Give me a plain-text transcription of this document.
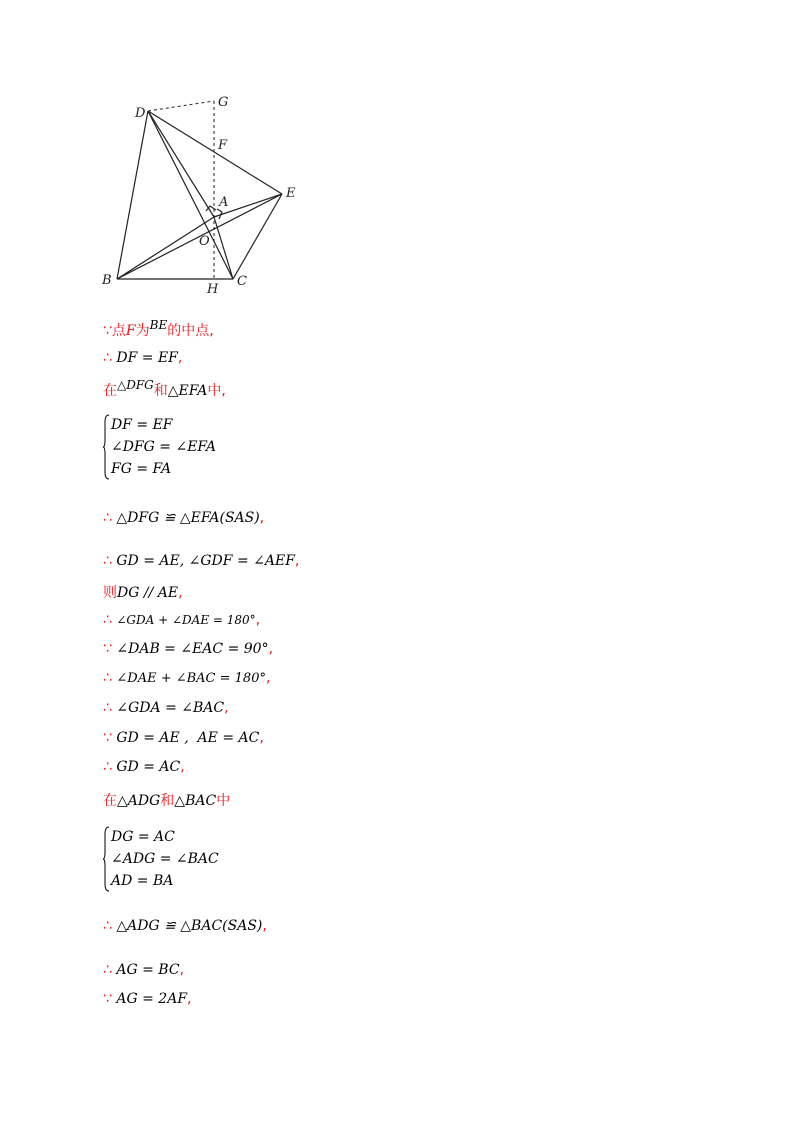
D
G
F
E
A
O
B
H
C
∵点F为BE的中点,
∴ DF = EF,
在△DFG和△EFA中,
DF = EF
∠DFG = ∠EFA
FG = FA
∴ △DFG ≌ △EFA(SAS),
∴ GD = AE, ∠GDF = ∠AEF,
则DG // AE,
∴ ∠GDA + ∠DAE = 180°,
∵ ∠DAB = ∠EAC = 90°,
∴ ∠DAE + ∠BAC = 180°,
∴ ∠GDA = ∠BAC,
∵ GD = AE ,  AE = AC,
∴ GD = AC,
在△ADG和△BAC中
DG = AC
∠ADG = ∠BAC
AD = BA
∴ △ADG ≌ △BAC(SAS),
∴ AG = BC,
∵ AG = 2AF,
